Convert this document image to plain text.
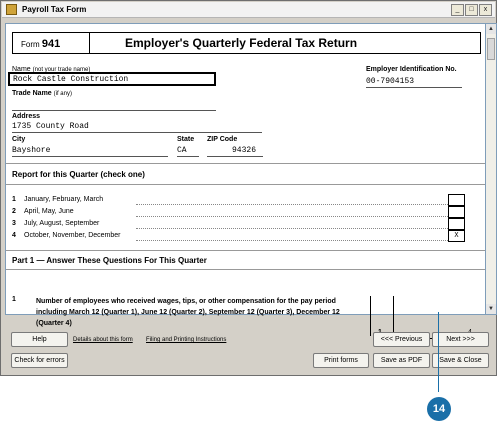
Payroll Tax Form	_	□	x
Form 941	Employer's Quarterly Federal Tax Return
Name (not your trade name)
Rock Castle Construction
Employer Identification No.
00-7904153
Trade Name (if any)
Address
1735 County Road
City
Bayshore
State
CA
ZIP Code
94326
Report for this Quarter (check one)
1 January, February, March
2 April, May, June
3 July, August, September
4 October, November, December	X
Part 1 — Answer These Questions For This Quarter
1	Number of employees who received wages, tips, or other compensation for the pay period including March 12 (Quarter 1), June 12 (Quarter 2), September 12 (Quarter 3), December 12 (Quarter 4)
▲
▼
Help	Details about this form Filing and Printing Instructions	<<< Previous	Next >>>
Check for errors	Print forms	Save as PDF	Save & Close
14
